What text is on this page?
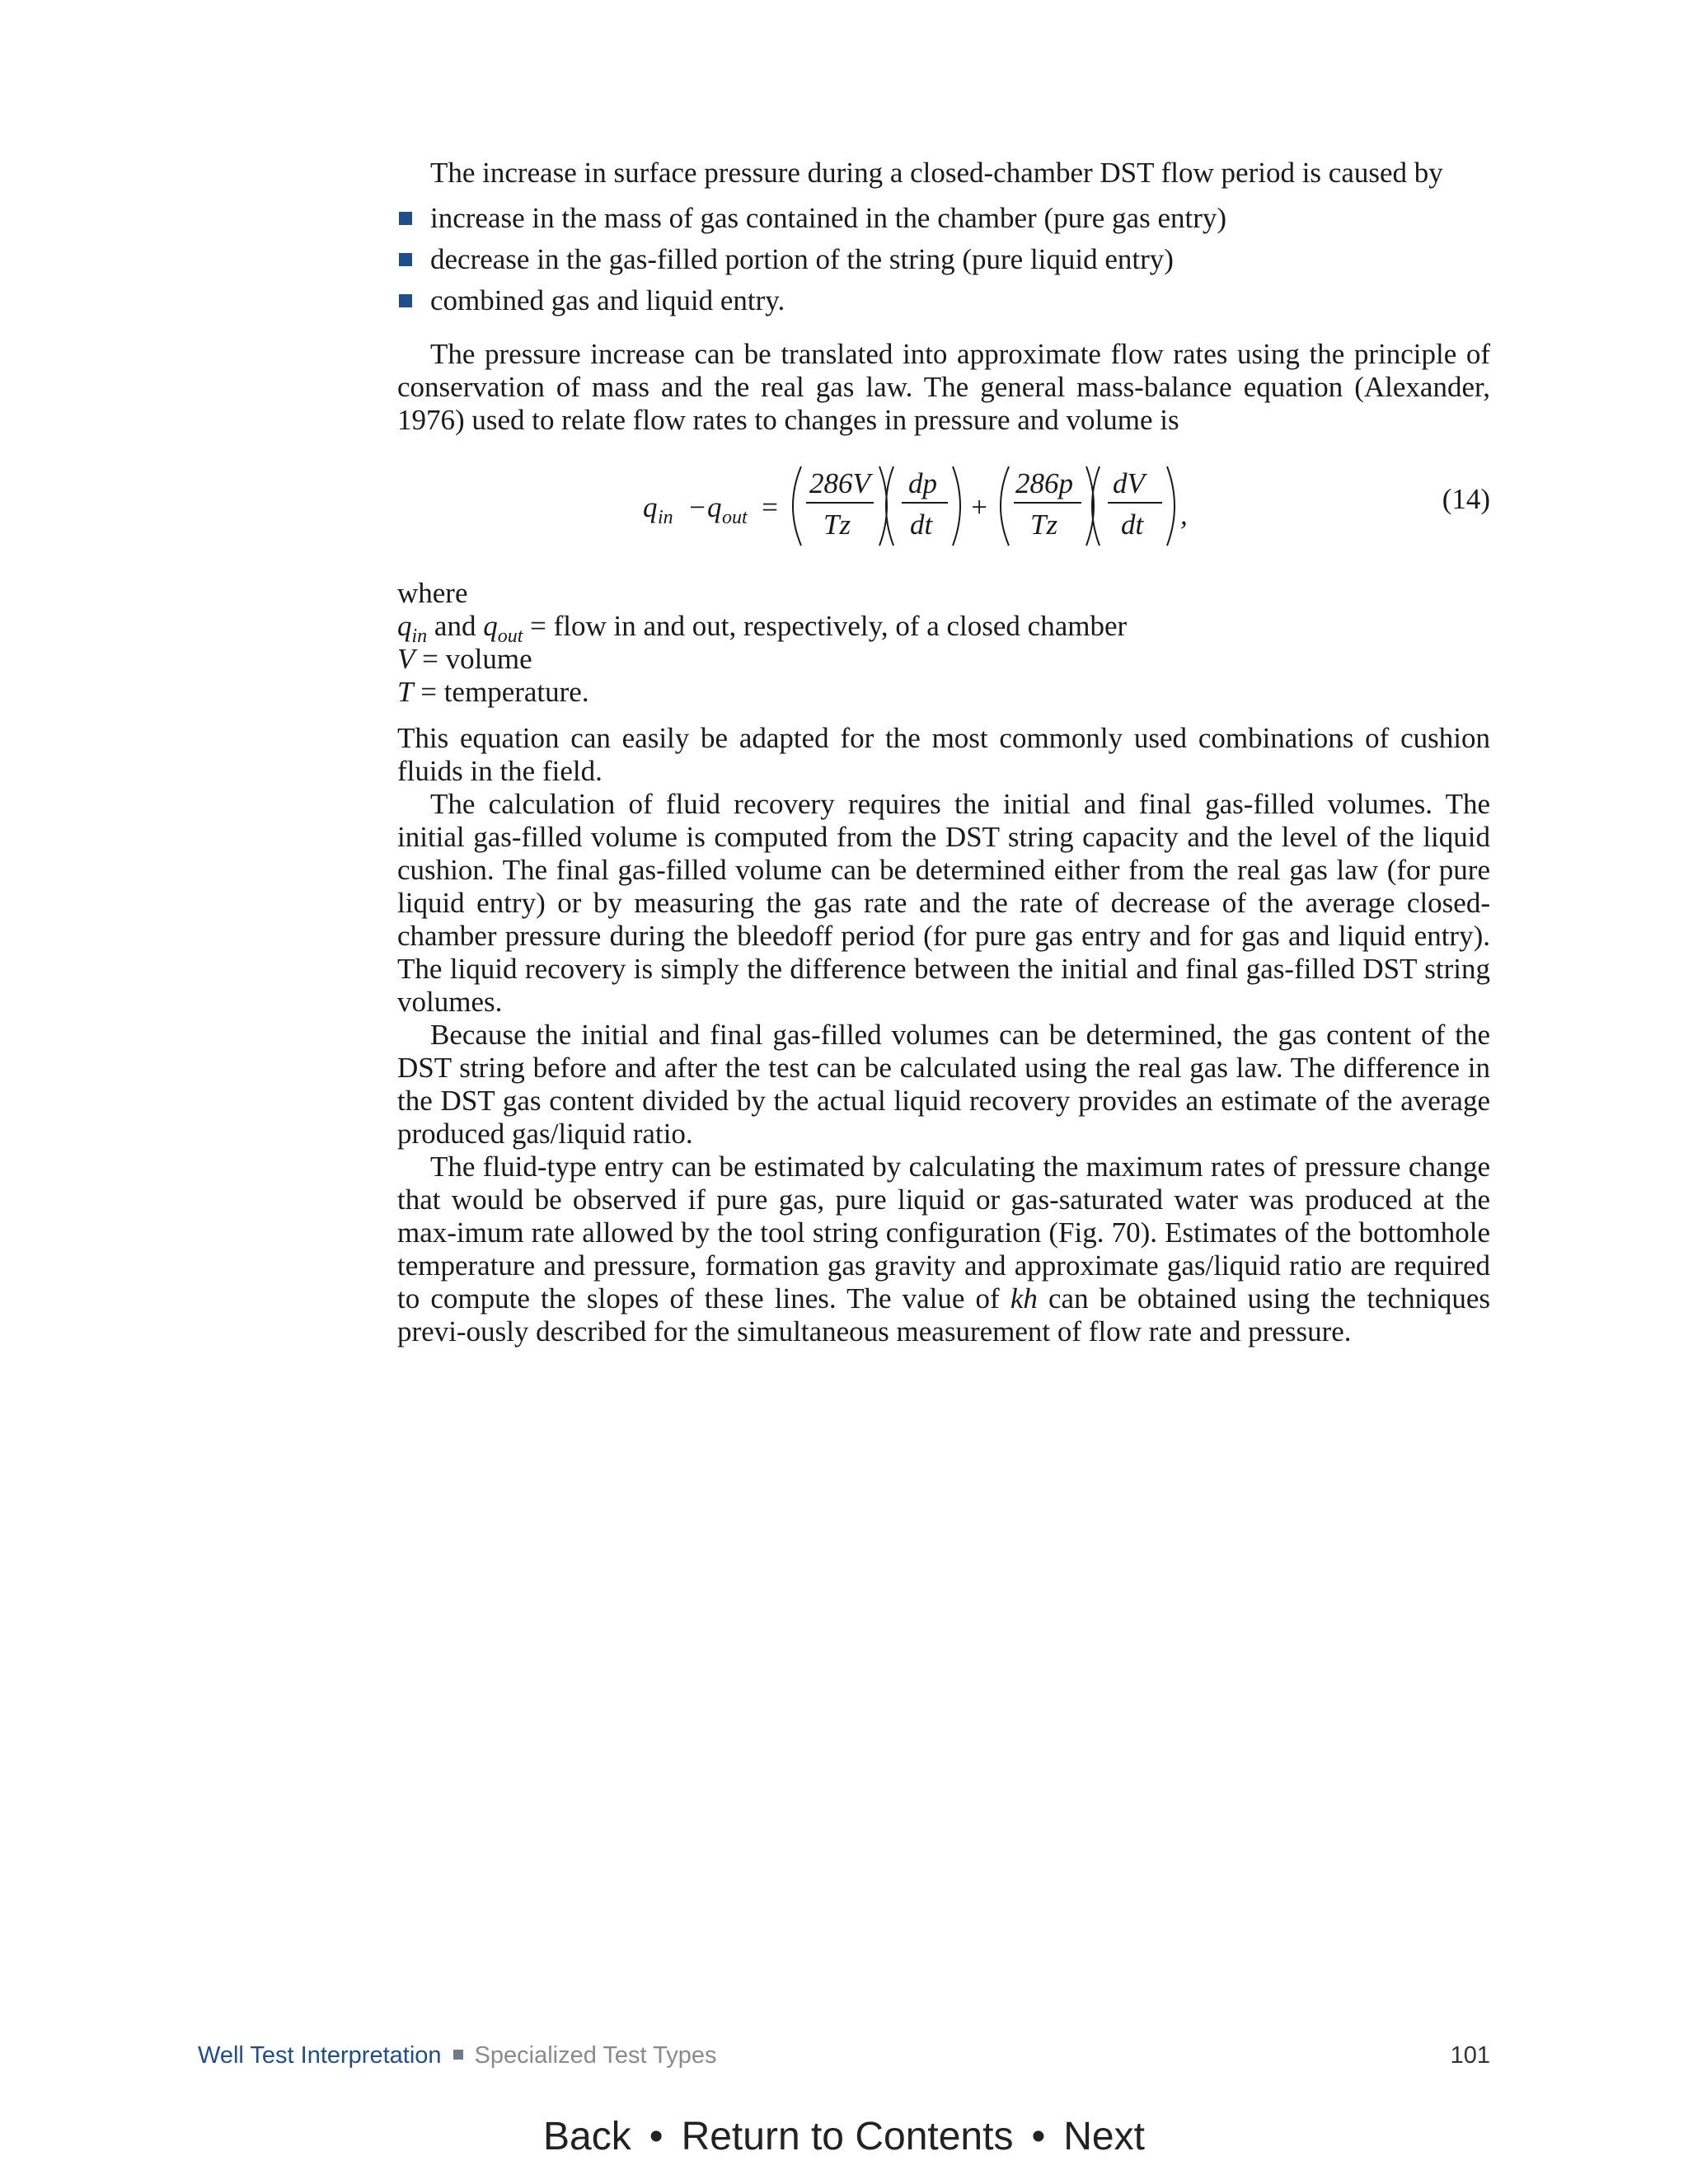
The increase in surface pressure during a closed-chamber DST flow period is caused by

increase in the mass of gas contained in the chamber (pure gas entry)
decrease in the gas-filled portion of the string (pure liquid entry)
combined gas and liquid entry.

The pressure increase can be translated into approximate flow rates using the principle of conservation of mass and the real gas law. The general mass-balance equation (Alexander, 1976) used to relate flow rates to changes in pressure and volume is

q in − q out =
286V
Tz
dp
dt
+
286p
Tz
dV
dt ,	(14)
where
$q_{in}$ and $q_{out}$ = flow in and out, respectively, of a closed chamber
V = volume
T = temperature.

This equation can easily be adapted for the most commonly used combinations of cushion fluids in the field.

The calculation of fluid recovery requires the initial and final gas-filled volumes. The initial gas-filled volume is computed from the DST string capacity and the level of the liquid cushion. The final gas-filled volume can be determined either from the real gas law (for pure liquid entry) or by measuring the gas rate and the rate of decrease of the average closed-chamber pressure during the bleedoff period (for pure gas entry and for gas and liquid entry). The liquid recovery is simply the difference between the initial and final gas-filled DST string volumes.

Because the initial and final gas-filled volumes can be determined, the gas content of the DST string before and after the test can be calculated using the real gas law. The difference in the DST gas content divided by the actual liquid recovery provides an estimate of the average produced gas/liquid ratio.

The fluid-type entry can be estimated by calculating the maximum rates of pressure change that would be observed if pure gas, pure liquid or gas-saturated water was produced at the max-imum rate allowed by the tool string configuration (Fig. 70). Estimates of the bottomhole temperature and pressure, formation gas gravity and approximate gas/liquid ratio are required to compute the slopes of these lines. The value of kh can be obtained using the techniques previ-ously described for the simultaneous measurement of flow rate and pressure.

Well Test Interpretation Specialized Test Types	101
Back • Return to Contents • Next
